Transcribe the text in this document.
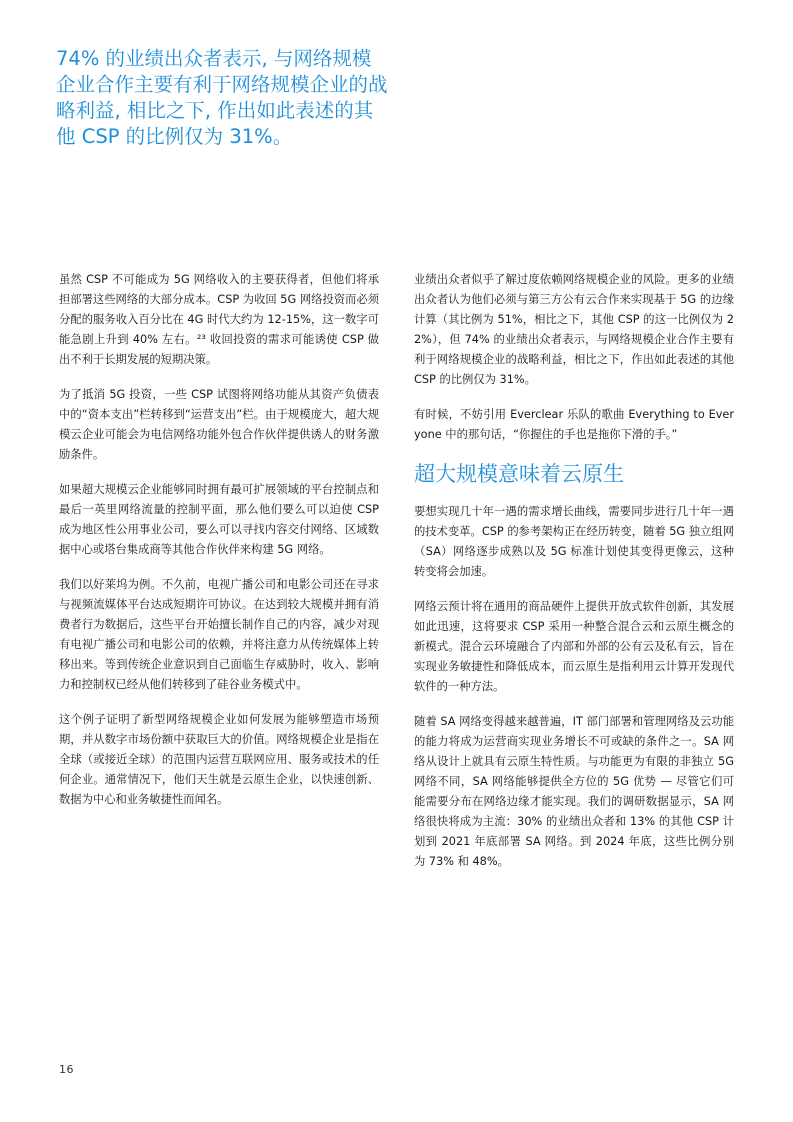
74% 的业绩出众者表示, 与网络规模企业合作主要有利于网络规模企业的战略利益, 相比之下, 作出如此表述的其他 CSP 的比例仅为 31%。

虽然 CSP 不可能成为 5G 网络收入的主要获得者，但他们将承担部署这些网络的大部分成本。CSP 为收回 5G 网络投资而必须分配的服务收入百分比在 4G 时代大约为 12-15%，这一数字可能急剧上升到 40% 左右。²³ 收回投资的需求可能诱使 CSP 做出不利于长期发展的短期决策。

为了抵消 5G 投资，一些 CSP 试图将网络功能从其资产负债表中的“资本支出”栏转移到“运营支出”栏。由于规模庞大，超大规模云企业可能会为电信网络功能外包合作伙伴提供诱人的财务激励条件。

如果超大规模云企业能够同时拥有最可扩展领域的平台控制点和最后一英里网络流量的控制平面，那么他们要么可以迫使 CSP 成为地区性公用事业公司，要么可以寻找内容交付网络、区域数据中心或塔台集成商等其他合作伙伴来构建 5G 网络。

我们以好莱坞为例。不久前，电视广播公司和电影公司还在寻求与视频流媒体平台达成短期许可协议。在达到较大规模并拥有消费者行为数据后，这些平台开始擅长制作自己的内容，减少对现有电视广播公司和电影公司的依赖，并将注意力从传统媒体上转移出来。等到传统企业意识到自己面临生存威胁时，收入、影响力和控制权已经从他们转移到了硅谷业务模式中。

这个例子证明了新型网络规模企业如何发展为能够塑造市场预期，并从数字市场份额中获取巨大的价值。网络规模企业是指在全球（或接近全球）的范围内运营互联网应用、服务或技术的任何企业。通常情况下，他们天生就是云原生企业，以快速创新、数据为中心和业务敏捷性而闻名。

业绩出众者似乎了解过度依赖网络规模企业的风险。更多的业绩出众者认为他们必须与第三方公有云合作来实现基于 5G 的边缘计算（其比例为 51%，相比之下，其他 CSP 的这一比例仅为 22%），但 74% 的业绩出众者表示，与网络规模企业合作主要有利于网络规模企业的战略利益，相比之下，作出如此表述的其他 CSP 的比例仅为 31%。

有时候，不妨引用 Everclear 乐队的歌曲 Everything to Everyone 中的那句话，“你握住的手也是拖你下滑的手。”

超大规模意味着云原生

要想实现几十年一遇的需求增长曲线，需要同步进行几十年一遇的技术变革。CSP 的参考架构正在经历转变，随着 5G 独立组网（SA）网络逐步成熟以及 5G 标准计划使其变得更像云，这种转变将会加速。

网络云预计将在通用的商品硬件上提供开放式软件创新，其发展如此迅速，这将要求 CSP 采用一种整合混合云和云原生概念的新模式。混合云环境融合了内部和外部的公有云及私有云，旨在实现业务敏捷性和降低成本，而云原生是指利用云计算开发现代软件的一种方法。

随着 SA 网络变得越来越普遍，IT 部门部署和管理网络及云功能的能力将成为运营商实现业务增长不可或缺的条件之一。SA 网络从设计上就具有云原生特性质。与功能更为有限的非独立 5G 网络不同，SA 网络能够提供全方位的 5G 优势 — 尽管它们可能需要分布在网络边缘才能实现。我们的调研数据显示，SA 网络很快将成为主流：30% 的业绩出众者和 13% 的其他 CSP 计划到 2021 年底部署 SA 网络。到 2024 年底，这些比例分别为 73% 和 48%。

16
